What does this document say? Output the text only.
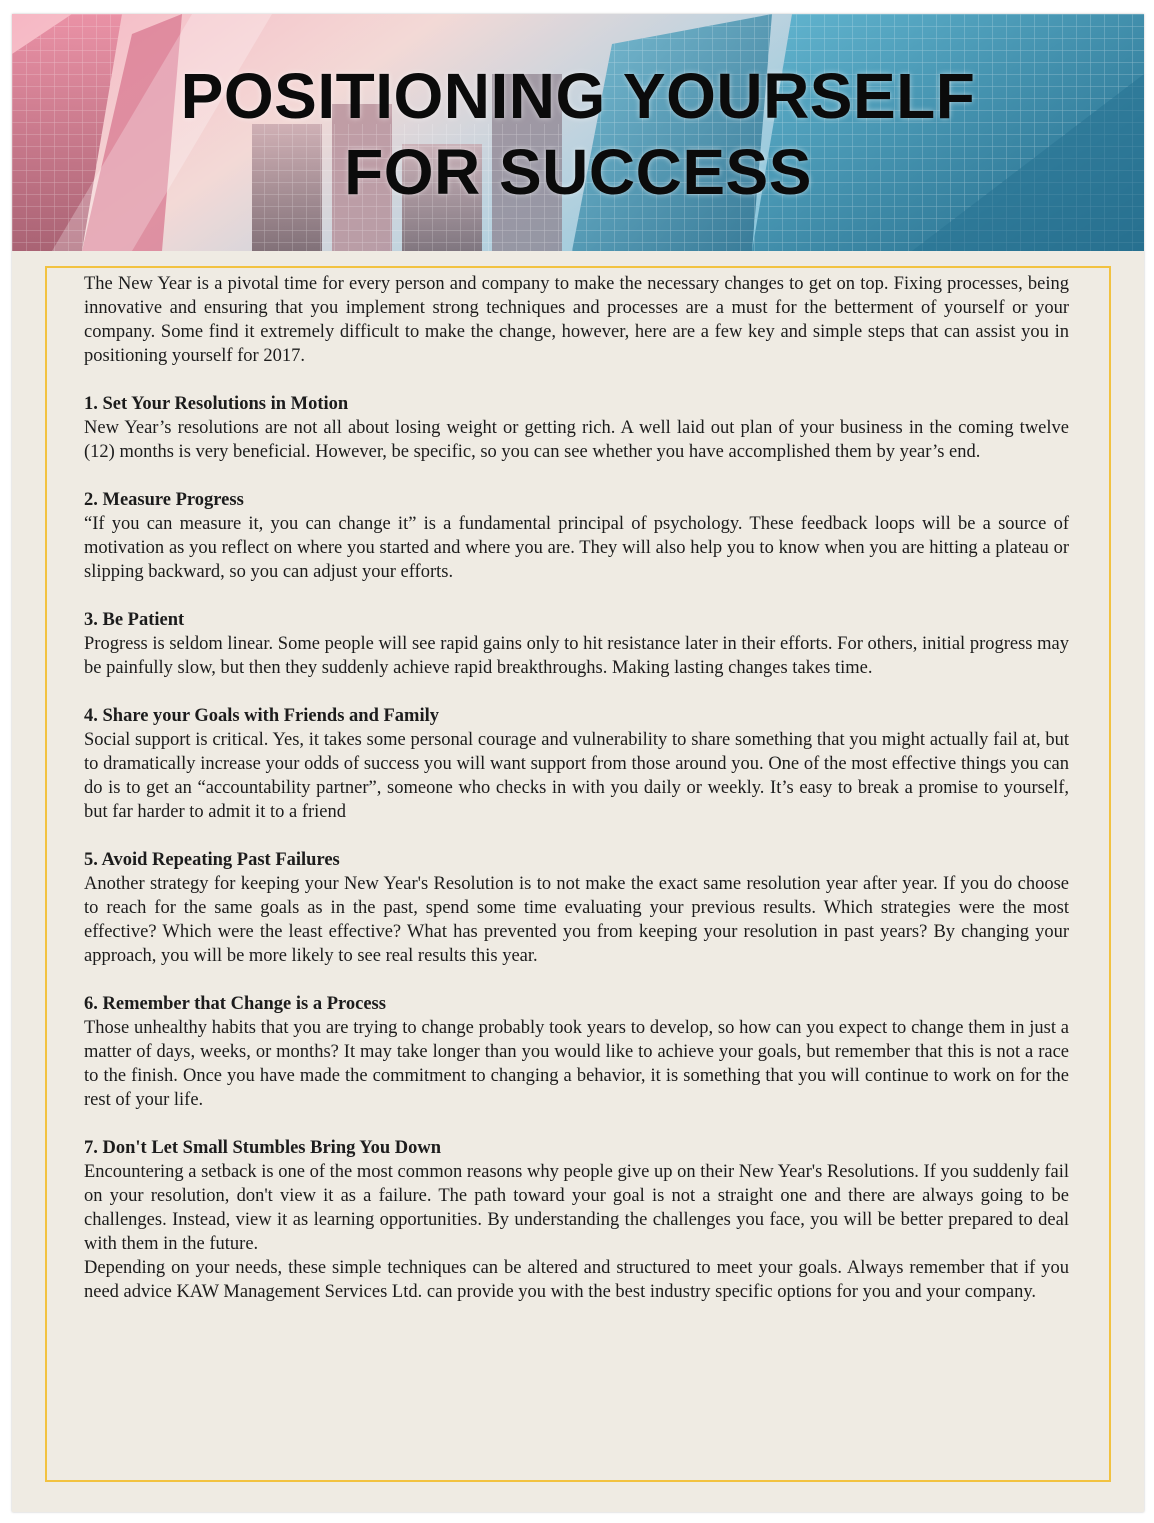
POSITIONING YOURSELF
FOR SUCCESS

The New Year is a pivotal time for every person and company to make the necessary changes to get on top. Fixing processes, being innovative and ensuring that you implement strong techniques and processes are a must for the betterment of yourself or your company. Some find it extremely difficult to make the change, however, here are a few key and simple steps that can assist you in positioning yourself for 2017.

1. Set Your Resolutions in Motion

New Year’s resolutions are not all about losing weight or getting rich. A well laid out plan of your business in the coming twelve (12) months is very beneficial. However, be specific, so you can see whether you have accomplished them by year’s end.

2. Measure Progress

“If you can measure it, you can change it” is a fundamental principal of psychology. These feedback loops will be a source of motivation as you reflect on where you started and where you are. They will also help you to know when you are hitting a plateau or slipping backward, so you can adjust your efforts.

3. Be Patient

Progress is seldom linear. Some people will see rapid gains only to hit resistance later in their efforts. For others, initial progress may be painfully slow, but then they suddenly achieve rapid breakthroughs. Making lasting changes takes time.

4. Share your Goals with Friends and Family

Social support is critical. Yes, it takes some personal courage and vulnerability to share something that you might actually fail at, but to dramatically increase your odds of success you will want support from those around you. One of the most effective things you can do is to get an “accountability partner”, someone who checks in with you daily or weekly. It’s easy to break a promise to yourself, but far harder to admit it to a friend

5. Avoid Repeating Past Failures

Another strategy for keeping your New Year's Resolution is to not make the exact same resolution year after year. If you do choose to reach for the same goals as in the past, spend some time evaluating your previous results. Which strategies were the most effective? Which were the least effective? What has prevented you from keeping your resolution in past years? By changing your approach, you will be more likely to see real results this year.

6. Remember that Change is a Process

Those unhealthy habits that you are trying to change probably took years to develop, so how can you expect to change them in just a matter of days, weeks, or months? It may take longer than you would like to achieve your goals, but remember that this is not a race to the finish. Once you have made the commitment to changing a behavior, it is something that you will continue to work on for the rest of your life.

7. Don't Let Small Stumbles Bring You Down

Encountering a setback is one of the most common reasons why people give up on their New Year's Resolutions. If you suddenly fail on your resolution, don't view it as a failure. The path toward your goal is not a straight one and there are always going to be challenges. Instead, view it as learning opportunities. By understanding the challenges you face, you will be better prepared to deal with them in the future.

Depending on your needs, these simple techniques can be altered and structured to meet your goals. Always remember that if you need advice KAW Management Services Ltd. can provide you with the best industry specific options for you and your company.
